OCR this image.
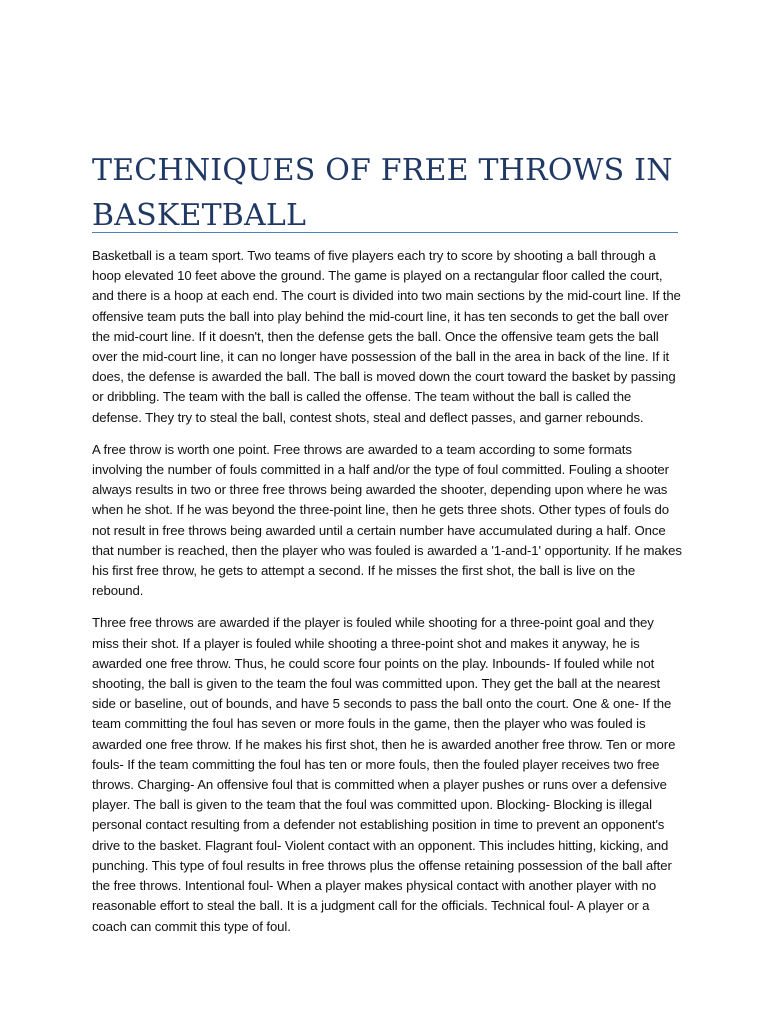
TECHNIQUES OF FREE THROWS IN BASKETBALL

Basketball is a team sport. Two teams of five players each try to score by shooting a ball through a hoop elevated 10 feet above the ground. The game is played on a rectangular floor called the court, and there is a hoop at each end. The court is divided into two main sections by the mid-court line. If the offensive team puts the ball into play behind the mid-court line, it has ten seconds to get the ball over the mid-court line. If it doesn't, then the defense gets the ball. Once the offensive team gets the ball over the mid-court line, it can no longer have possession of the ball in the area in back of the line. If it does, the defense is awarded the ball. The ball is moved down the court toward the basket by passing or dribbling. The team with the ball is called the offense. The team without the ball is called the defense. They try to steal the ball, contest shots, steal and deflect passes, and garner rebounds.

A free throw is worth one point. Free throws are awarded to a team according to some formats involving the number of fouls committed in a half and/or the type of foul committed. Fouling a shooter always results in two or three free throws being awarded the shooter, depending upon where he was when he shot. If he was beyond the three-point line, then he gets three shots. Other types of fouls do not result in free throws being awarded until a certain number have accumulated during a half. Once that number is reached, then the player who was fouled is awarded a '1-and-1' opportunity. If he makes his first free throw, he gets to attempt a second. If he misses the first shot, the ball is live on the rebound.

Three free throws are awarded if the player is fouled while shooting for a three-point goal and they miss their shot. If a player is fouled while shooting a three-point shot and makes it anyway, he is awarded one free throw. Thus, he could score four points on the play. Inbounds- If fouled while not shooting, the ball is given to the team the foul was committed upon. They get the ball at the nearest side or baseline, out of bounds, and have 5 seconds to pass the ball onto the court. One & one- If the team committing the foul has seven or more fouls in the game, then the player who was fouled is awarded one free throw. If he makes his first shot, then he is awarded another free throw. Ten or more fouls- If the team committing the foul has ten or more fouls, then the fouled player receives two free throws. Charging- An offensive foul that is committed when a player pushes or runs over a defensive player. The ball is given to the team that the foul was committed upon. Blocking- Blocking is illegal personal contact resulting from a defender not establishing position in time to prevent an opponent's drive to the basket. Flagrant foul- Violent contact with an opponent. This includes hitting, kicking, and punching. This type of foul results in free throws plus the offense retaining possession of the ball after the free throws. Intentional foul- When a player makes physical contact with another player with no reasonable effort to steal the ball. It is a judgment call for the officials. Technical foul- A player or a coach can commit this type of foul.
